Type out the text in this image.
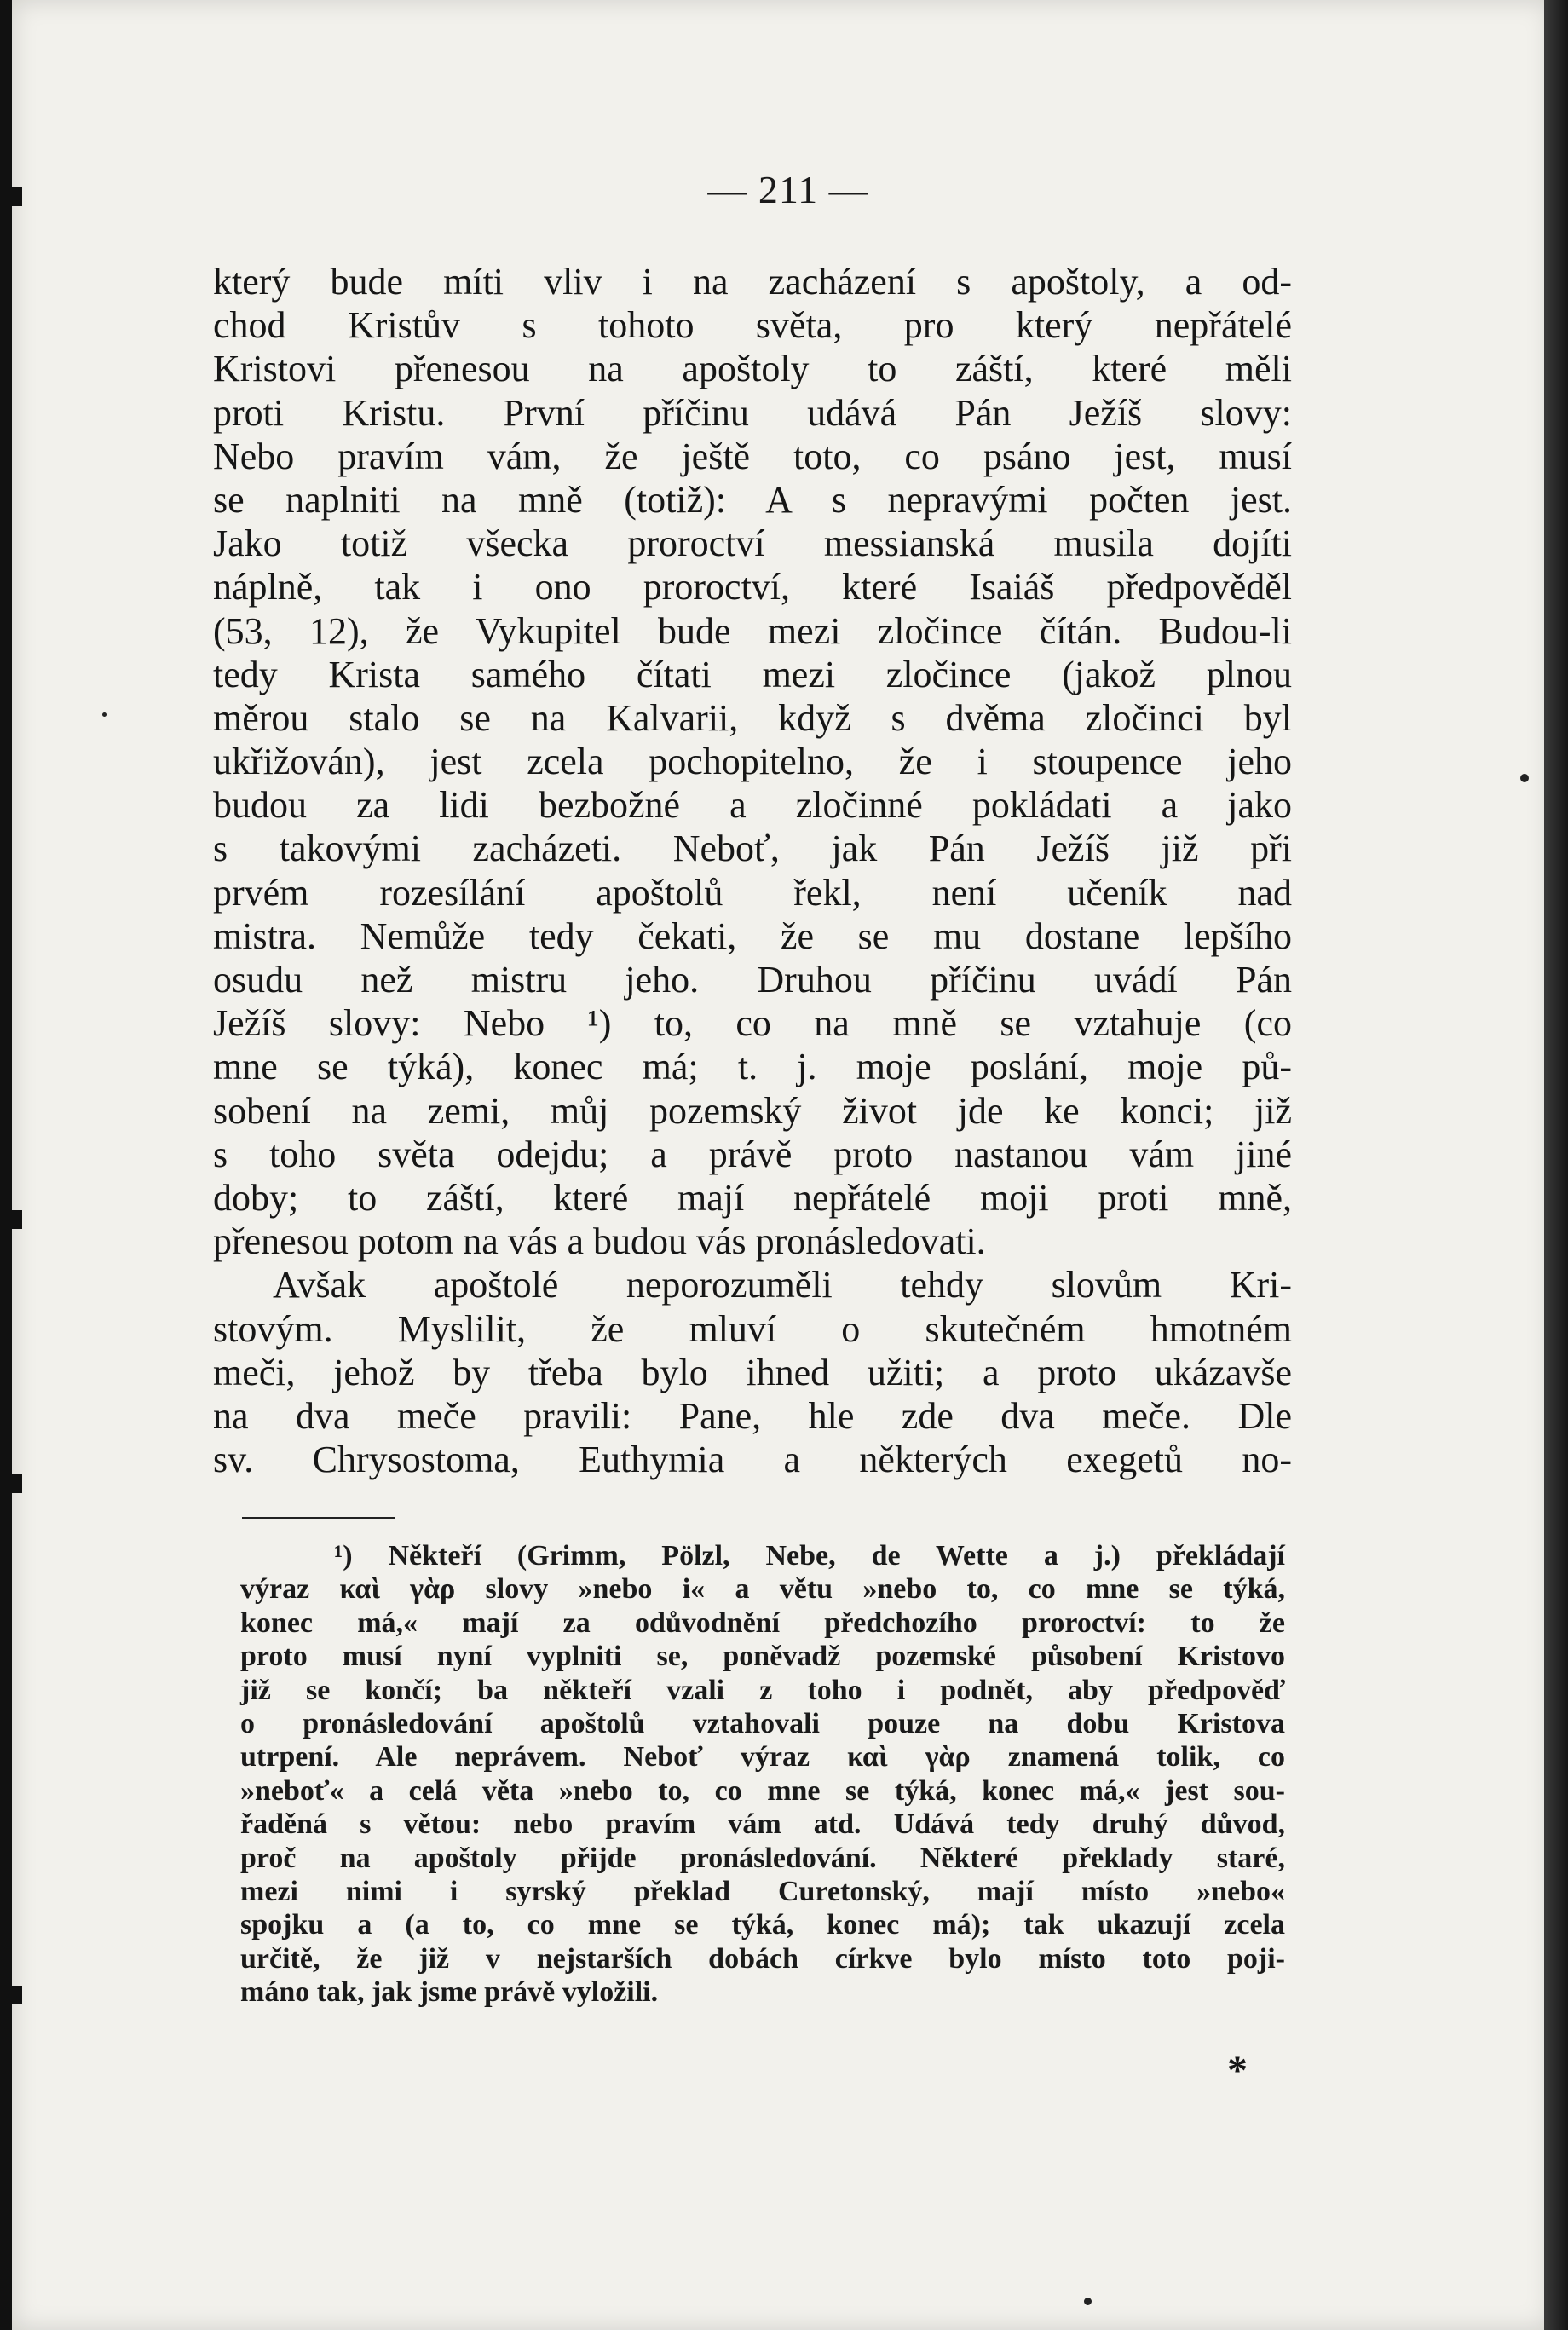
— 211 —
který bude míti vliv i na zacházení s apoštoly, a od-
chod Kristův s tohoto světa, pro který nepřátelé
Kristovi přenesou na apoštoly to záští, které měli
proti Kristu. První příčinu udává Pán Ježíš slovy:
Nebo pravím vám, že ještě toto, co psáno jest, musí
se naplniti na mně (totiž): A s nepravými počten jest.
Jako totiž všecka proroctví messianská musila dojíti
náplně, tak i ono proroctví, které Isaiáš předpověděl
(53, 12), že Vykupitel bude mezi zločince čítán. Budou-li
tedy Krista samého čítati mezi zločince (jakož plnou
měrou stalo se na Kalvarii, když s dvěma zločinci byl
ukřižován), jest zcela pochopitelno, že i stoupence jeho
budou za lidi bezbožné a zločinné pokládati a jako
s takovými zacházeti. Neboť, jak Pán Ježíš již při
prvém rozesílání apoštolů řekl, není učeník nad
mistra. Nemůže tedy čekati, že se mu dostane lepšího
osudu než mistru jeho. Druhou příčinu uvádí Pán
Ježíš slovy: Nebo ¹) to, co na mně se vztahuje (co
mne se týká), konec má; t. j. moje poslání, moje pů-
sobení na zemi, můj pozemský život jde ke konci; již
s toho světa odejdu; a právě proto nastanou vám jiné
doby; to záští, které mají nepřátelé moji proti mně,
přenesou potom na vás a budou vás pronásledovati.
Avšak apoštolé neporozuměli tehdy slovům Kri-
stovým. Myslilit, že mluví o skutečném hmotném
meči, jehož by třeba bylo ihned užiti; a proto ukázavše
na dva meče pravili: Pane, hle zde dva meče. Dle
sv. Chrysostoma, Euthymia a některých exegetů no-
¹) Někteří (Grimm, Pölzl, Nebe, de Wette a j.) překládají
výraz καὶ γὰρ slovy »nebo i« a větu »nebo to, co mne se týká,
konec má,« mají za odůvodnění předchozího proroctví: to že
proto musí nyní vyplniti se, poněvadž pozemské působení Kristovo
již se končí; ba někteří vzali z toho i podnět, aby předpověď
o pronásledování apoštolů vztahovali pouze na dobu Kristova
utrpení. Ale neprávem. Neboť výraz καὶ γὰρ znamená tolik, co
»neboť« a celá věta »nebo to, co mne se týká, konec má,« jest sou-
řaděná s větou: nebo pravím vám atd. Udává tedy druhý důvod,
proč na apoštoly přijde pronásledování. Některé překlady staré,
mezi nimi i syrský překlad Curetonský, mají místo »nebo«
spojku a (a to, co mne se týká, konec má); tak ukazují zcela
určitě, že již v nejstarších dobách církve bylo místo toto poji-
máno tak, jak jsme právě vyložili.
*
